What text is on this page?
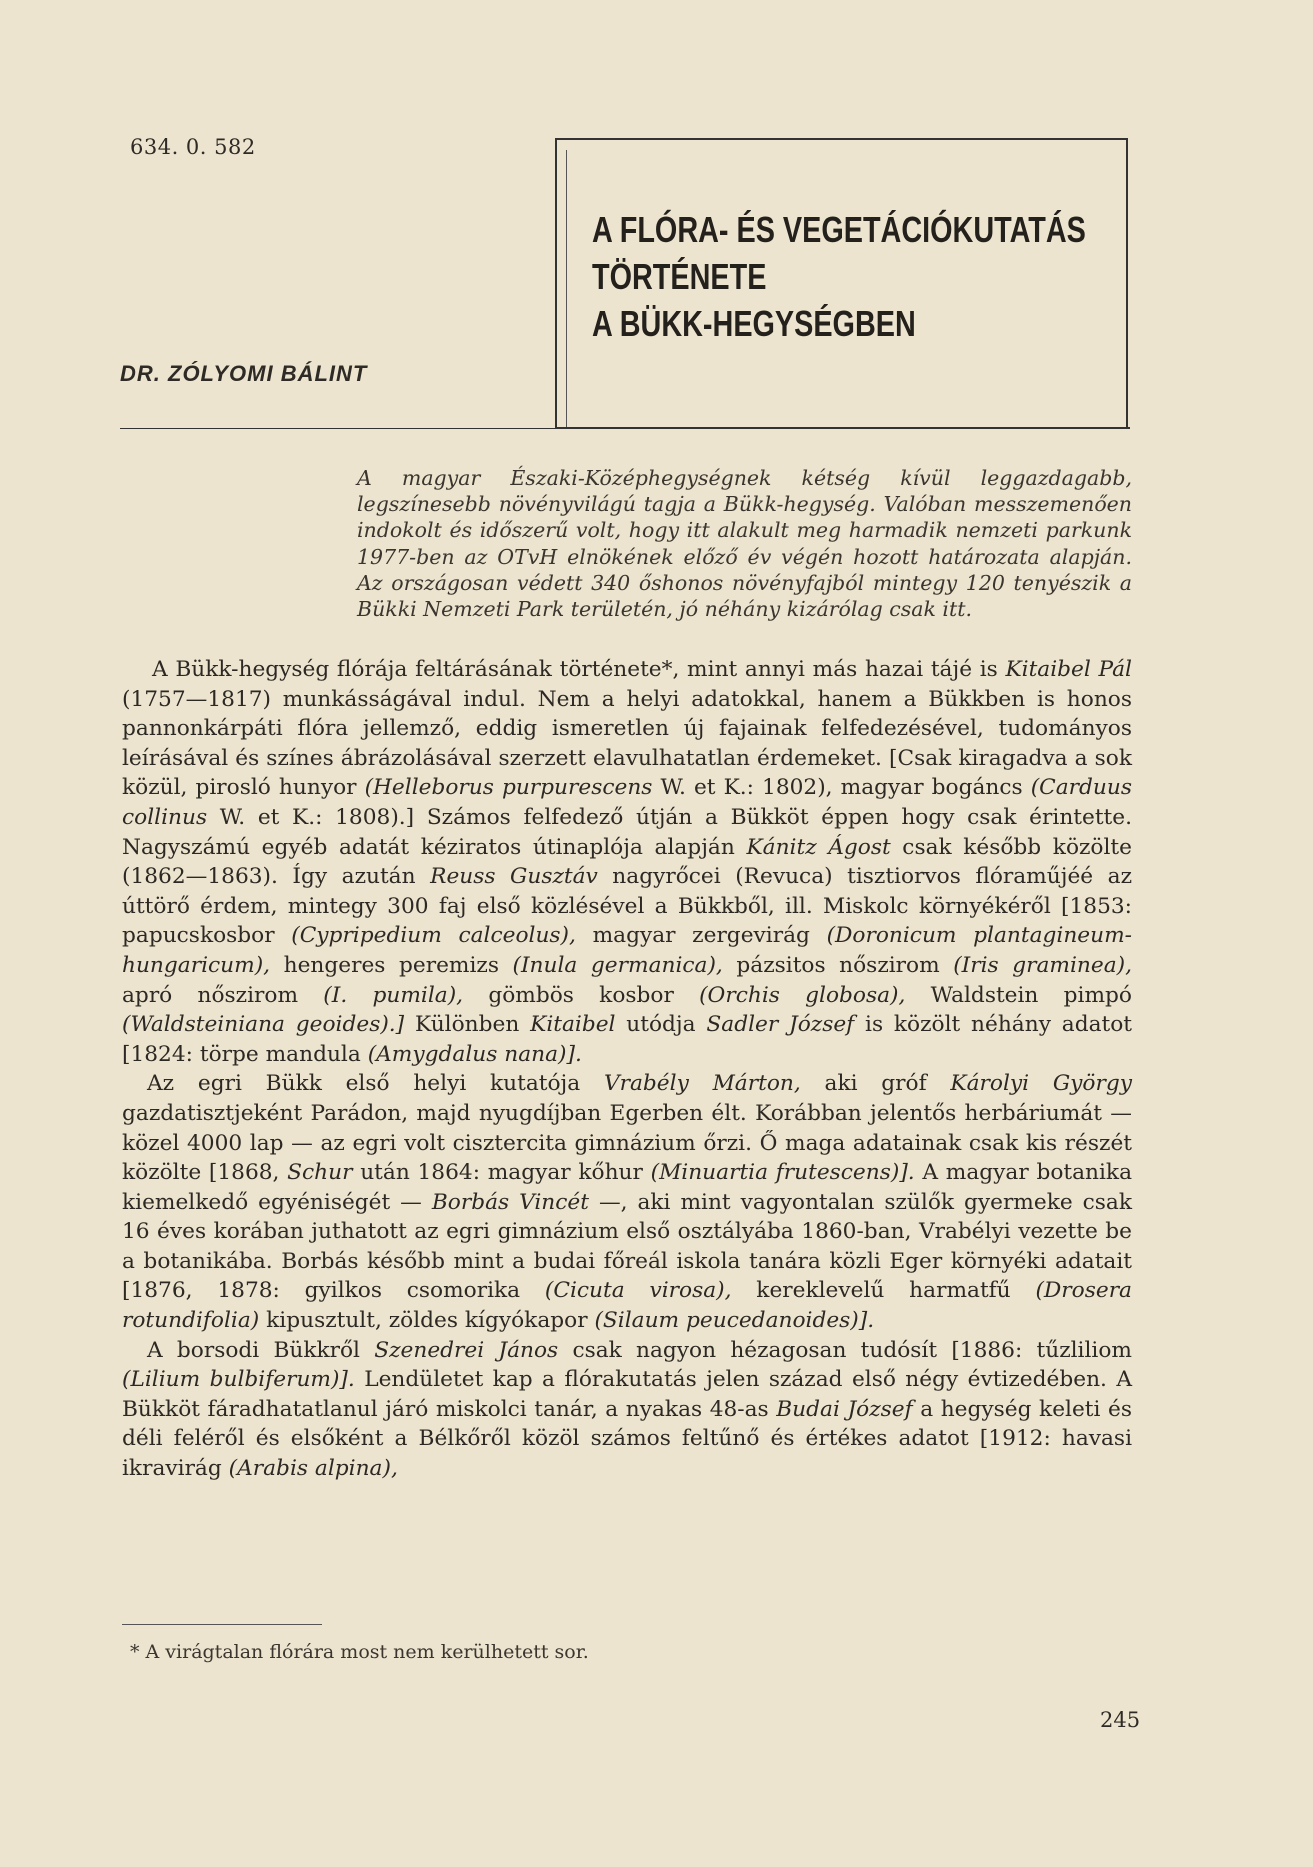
634. 0. 582
A FLÓRA- ÉS VEGETÁCIÓKUTATÁS
TÖRTÉNETE
A BÜKK-HEGYSÉGBEN
DR. ZÓLYOMI BÁLINT
A magyar Északi-Középhegységnek kétség kívül leggazdagabb, legszínesebb növényvilágú tagja a Bükk-hegység. Valóban messzemenően indokolt és időszerű volt, hogy itt alakult meg harmadik nemzeti parkunk 1977-ben az OTvH elnökének előző év végén hozott határozata alapján. Az országosan védett 340 őshonos növényfajból mintegy 120 tenyészik a Bükki Nemzeti Park területén, jó néhány kizárólag csak itt.

A Bükk-hegység flórája feltárásának története*, mint annyi más hazai tájé is Kitaibel Pál (1757—1817) munkásságával indul. Nem a helyi adatokkal, hanem a Bükkben is honos pannonkárpáti flóra jellemző, eddig ismeretlen új fajainak felfedezésével, tudományos leírásával és színes ábrázolásával szerzett elavulhatatlan érdemeket. [Csak kiragadva a sok közül, pirosló hunyor (Helleborus purpurescens W. et K.: 1802), magyar bogáncs (Carduus collinus W. et K.: 1808).] Számos felfedező útján a Bükköt éppen hogy csak érintette. Nagyszámú egyéb adatát kéziratos útinaplója alapján Kánitz Ágost csak később közölte (1862—1863). Így azután Reuss Gusztáv nagyrőcei (Revuca) tisztiorvos flóraműjéé az úttörő érdem, mintegy 300 faj első közlésével a Bükkből, ill. Miskolc környékéről [1853: papucskosbor (Cypripedium calceolus), magyar zergevirág (Doronicum plantagineum-hungaricum), hengeres peremizs (Inula germanica), pázsitos nőszirom (Iris graminea), apró nőszirom (I. pumila), gömbös kosbor (Orchis globosa), Waldstein pimpó (Waldsteiniana geoides).] Különben Kitaibel utódja Sadler József is közölt néhány adatot [1824: törpe mandula (Amygdalus nana)].

Az egri Bükk első helyi kutatója Vrabély Márton, aki gróf Károlyi György gazdatisztjeként Parádon, majd nyugdíjban Egerben élt. Korábban jelentős herbáriumát — közel 4000 lap — az egri volt cisztercita gimnázium őrzi. Ő maga adatainak csak kis részét közölte [1868, Schur után 1864: magyar kőhur (Minuartia frutescens)]. A magyar botanika kiemelkedő egyéniségét — Borbás Vincét —, aki mint vagyontalan szülők gyermeke csak 16 éves korában juthatott az egri gimnázium első osztályába 1860-ban, Vrabélyi vezette be a botanikába. Borbás később mint a budai főreál iskola tanára közli Eger környéki adatait [1876, 1878: gyilkos csomorika (Cicuta virosa), kereklevelű harmatfű (Drosera rotundifolia) kipusztult, zöldes kígyókapor (Silaum peucedanoides)].

A borsodi Bükkről Szenedrei János csak nagyon hézagosan tudósít [1886: tűzliliom (Lilium bulbiferum)]. Lendületet kap a flórakutatás jelen század első négy évtizedében. A Bükköt fáradhatatlanul járó miskolci tanár, a nyakas 48-as Budai József a hegység keleti és déli feléről és elsőként a Bélkőről közöl számos feltűnő és értékes adatot [1912: havasi ikravirág (Arabis alpina),

* A virágtalan flórára most nem kerülhetett sor.
245
